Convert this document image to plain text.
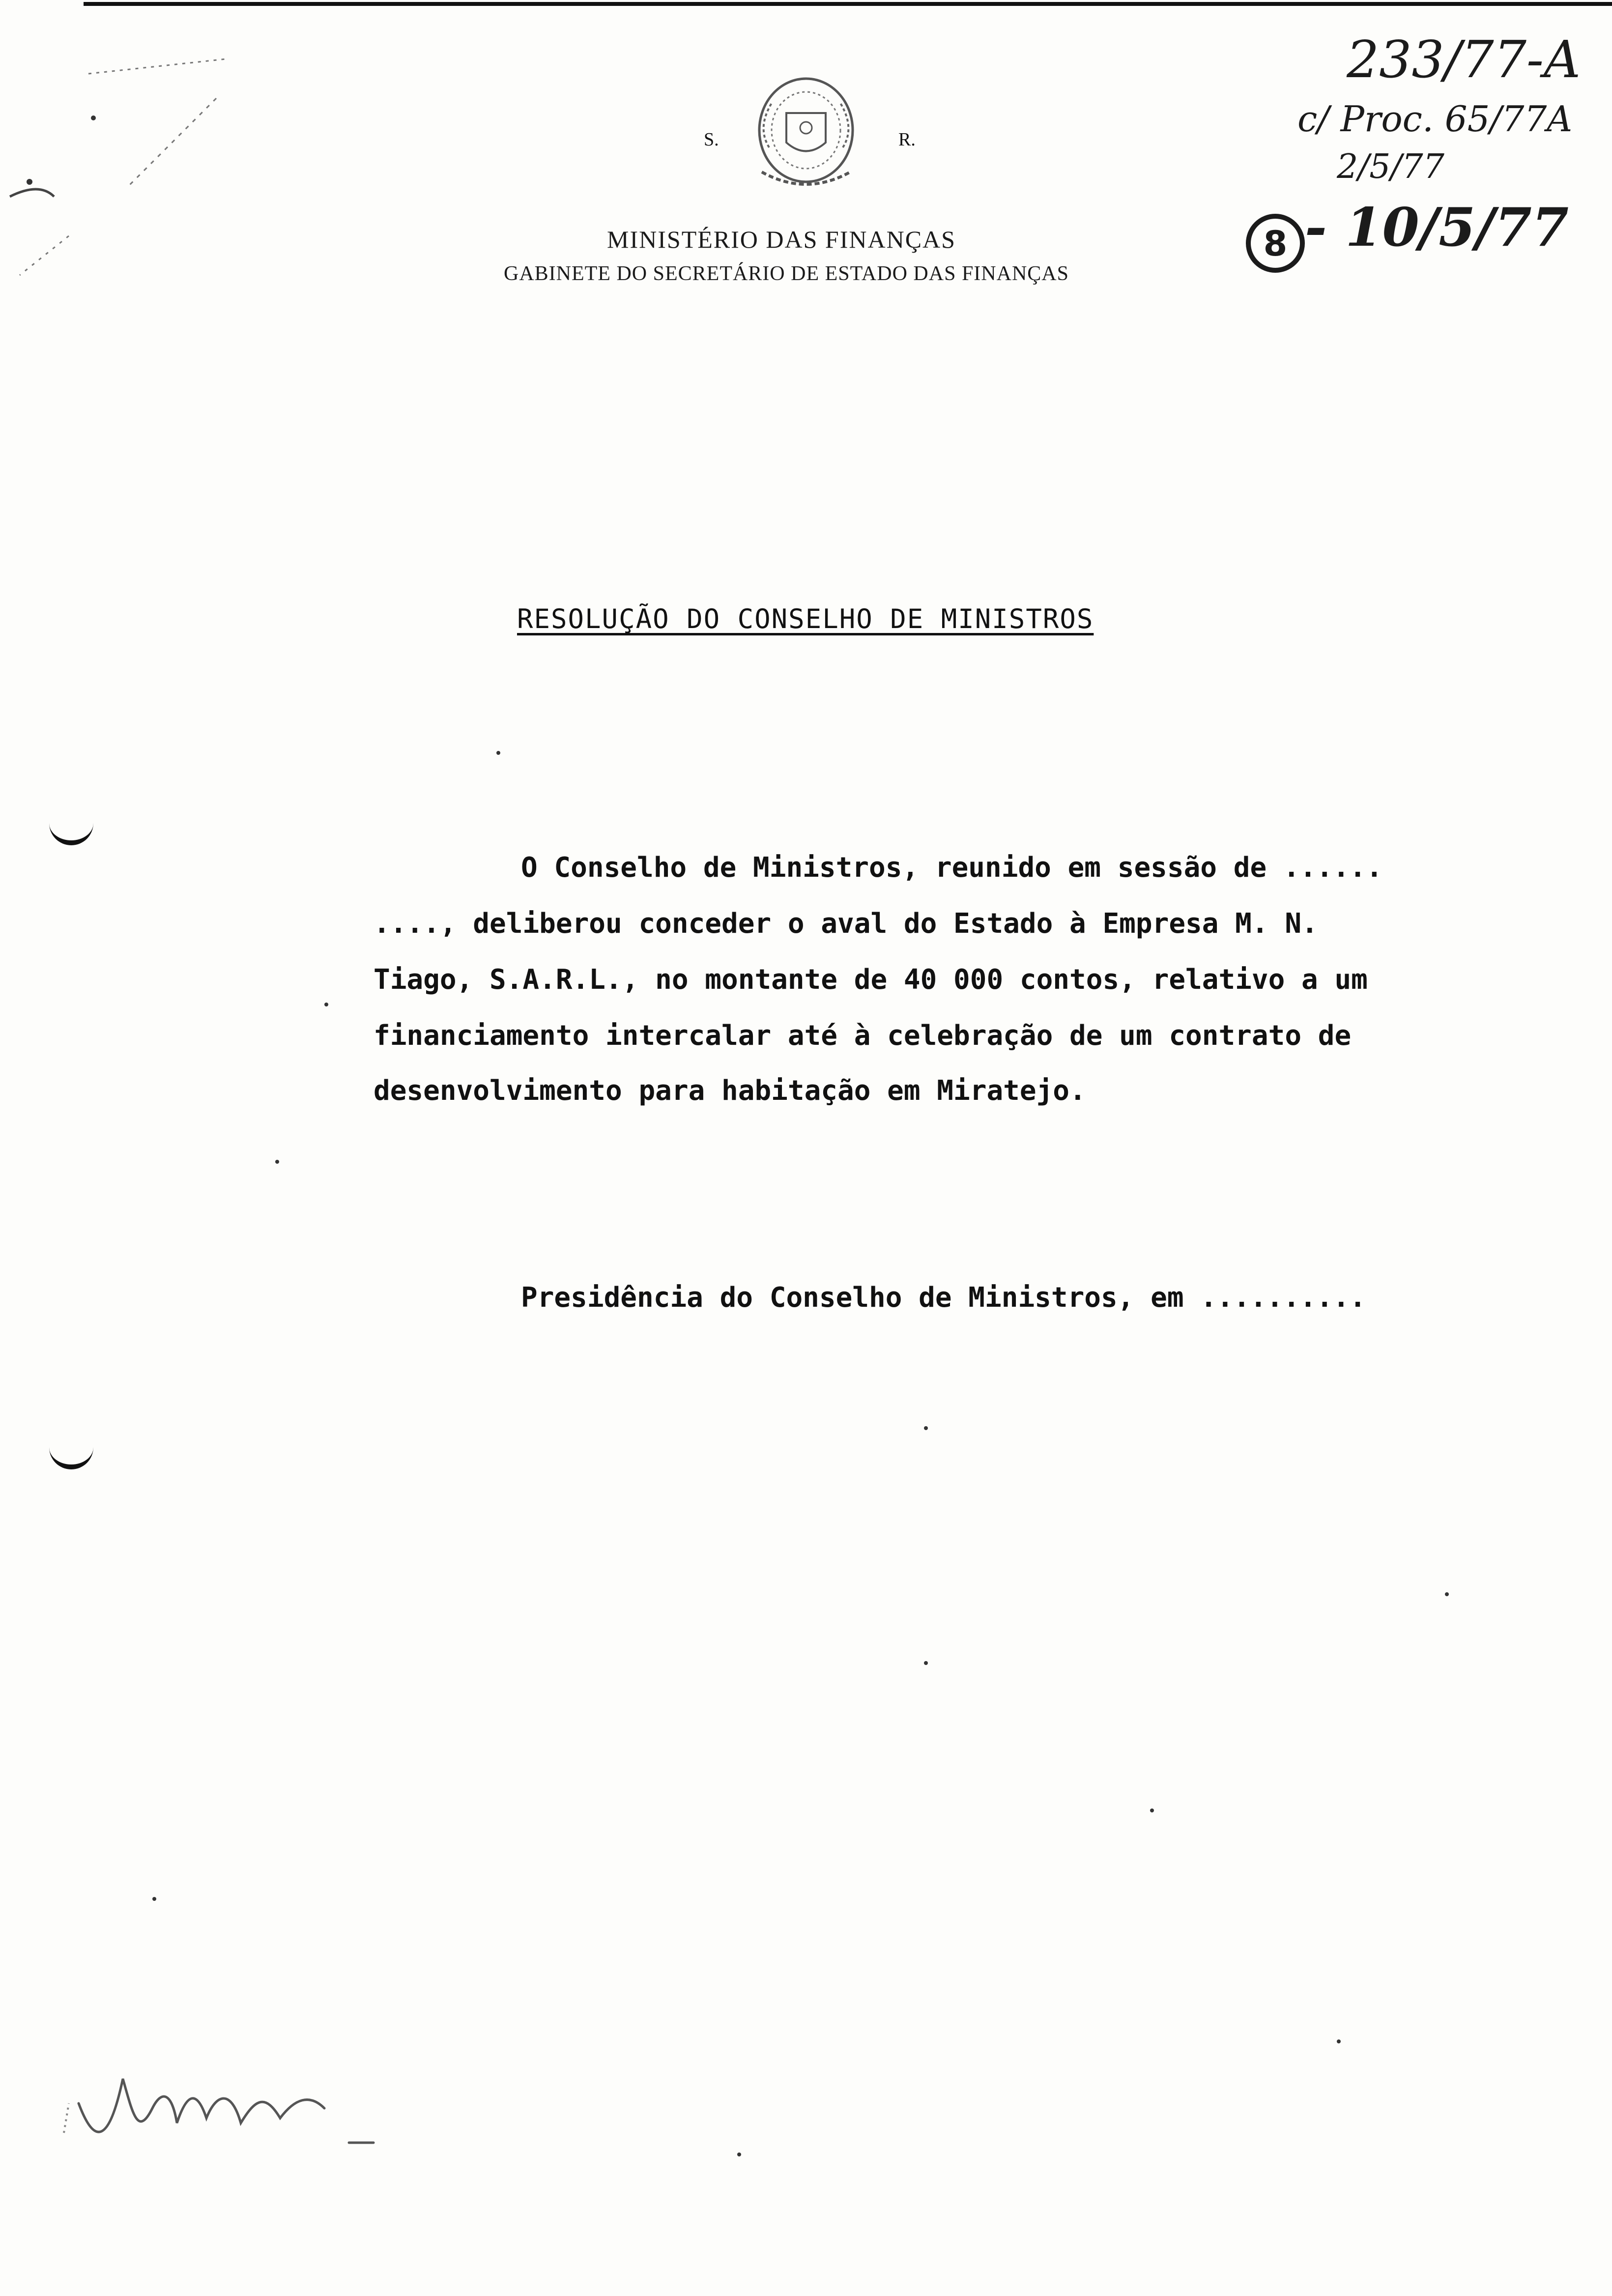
S.	R.
MINISTÉRIO DAS FINANÇAS
GABINETE DO SECRETÁRIO DE ESTADO DAS FINANÇAS
233/77-A
c/ Proc. 65/77A
2/5/77
8 - 10/5/77
RESOLUÇÃO DO CONSELHO DE MINISTROS
O Conselho de Ministros, reunido em sessão de ......
...., deliberou conceder o aval do Estado à Empresa M. N.
Tiago, S.A.R.L., no montante de 40 000 contos, relativo a um
financiamento intercalar até à celebração de um contrato de
desenvolvimento para habitação em Miratejo.
Presidência do Conselho de Ministros, em ..........
